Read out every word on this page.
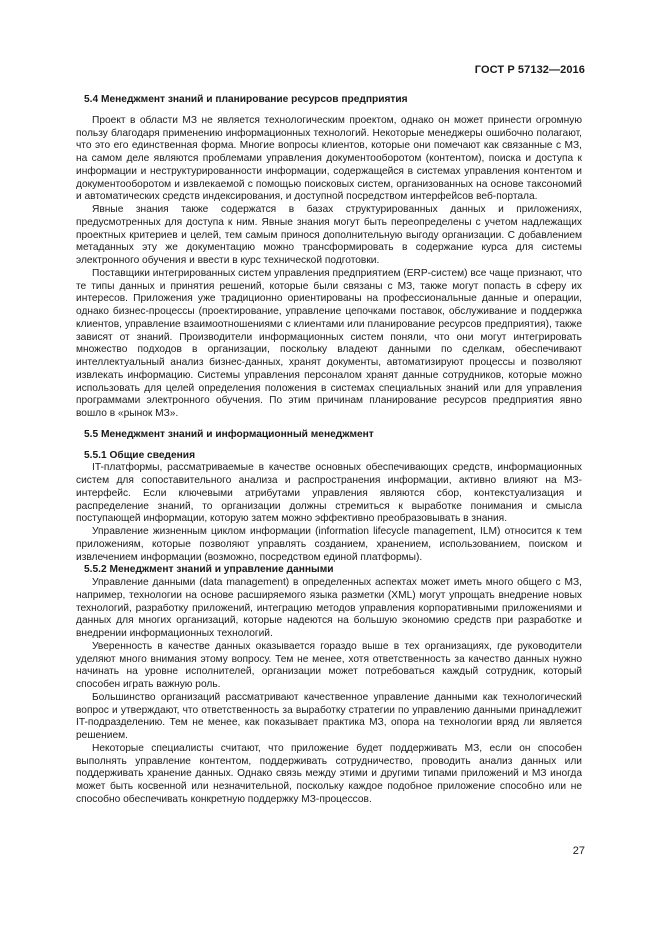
ГОСТ Р 57132—2016
5.4 Менеджмент знаний и планирование ресурсов предприятия

Проект в области МЗ не является технологическим проектом, однако он может принести огромную пользу благодаря применению информационных технологий. Некоторые менеджеры ошибочно полагают, что это его единственная форма. Многие вопросы клиентов, которые они помечают как связанные с МЗ, на самом деле являются проблемами управления документооборотом (контентом), поиска и доступа к информации и неструктурированности информации, содержащейся в системах управления контентом и документооборотом и извлекаемой с помощью поисковых систем, организованных на основе таксономий и автоматических средств индексирования, и доступной посредством интерфейсов веб-портала.

Явные знания также содержатся в базах структурированных данных и приложениях, предусмотренных для доступа к ним. Явные знания могут быть переопределены с учетом надлежащих проектных критериев и целей, тем самым принося дополнительную выгоду организации. С добавлением метаданных эту же документацию можно трансформировать в содержание курса для системы электронного обучения и ввести в курс технической подготовки.

Поставщики интегрированных систем управления предприятием (ERP-систем) все чаще признают, что те типы данных и принятия решений, которые были связаны с МЗ, также могут попасть в сферу их интересов. Приложения уже традиционно ориентированы на профессиональные данные и операции, однако бизнес-процессы (проектирование, управление цепочками поставок, обслуживание и поддержка клиентов, управление взаимоотношениями с клиентами или планирование ресурсов предприятия), также зависят от знаний. Производители информационных систем поняли, что они могут интегрировать множество подходов в организации, поскольку владеют данными по сделкам, обеспечивают интеллектуальный анализ бизнес-данных, хранят документы, автоматизируют процессы и позволяют извлекать информацию. Системы управления персоналом хранят данные сотрудников, которые можно использовать для целей определения положения в системах специальных знаний или для управления программами электронного обучения. По этим причинам планирование ресурсов предприятия явно вошло в «рынок МЗ».

5.5 Менеджмент знаний и информационный менеджмент
5.5.1 Общие сведения

IT-платформы, рассматриваемые в качестве основных обеспечивающих средств, информационных систем для сопоставительного анализа и распространения информации, активно влияют на МЗ-интерфейс. Если ключевыми атрибутами управления являются сбор, контекстуализация и распределение знаний, то организации должны стремиться к выработке понимания и смысла поступающей информации, которую затем можно эффективно преобразовывать в знания.

Управление жизненным циклом информации (information lifecycle management, ILM) относится к тем приложениям, которые позволяют управлять созданием, хранением, использованием, поиском и извлечением информации (возможно, посредством единой платформы).

5.5.2 Менеджмент знаний и управление данными

Управление данными (data management) в определенных аспектах может иметь много общего с МЗ, например, технологии на основе расширяемого языка разметки (XML) могут упрощать внедрение новых технологий, разработку приложений, интеграцию методов управления корпоративными приложениями и данных для многих организаций, которые надеются на большую экономию средств при разработке и внедрении информационных технологий.

Уверенность в качестве данных оказывается гораздо выше в тех организациях, где руководители уделяют много внимания этому вопросу. Тем не менее, хотя ответственность за качество данных нужно начинать на уровне исполнителей, организации может потребоваться каждый сотрудник, который способен играть важную роль.

Большинство организаций рассматривают качественное управление данными как технологический вопрос и утверждают, что ответственность за выработку стратегии по управлению данными принадлежит IT-подразделению. Тем не менее, как показывает практика МЗ, опора на технологии вряд ли является решением.

Некоторые специалисты считают, что приложение будет поддерживать МЗ, если он способен выполнять управление контентом, поддерживать сотрудничество, проводить анализ данных или поддерживать хранение данных. Однако связь между этими и другими типами приложений и МЗ иногда может быть косвенной или незначительной, поскольку каждое подобное приложение способно или не способно обеспечивать конкретную поддержку МЗ-процессов.

27
